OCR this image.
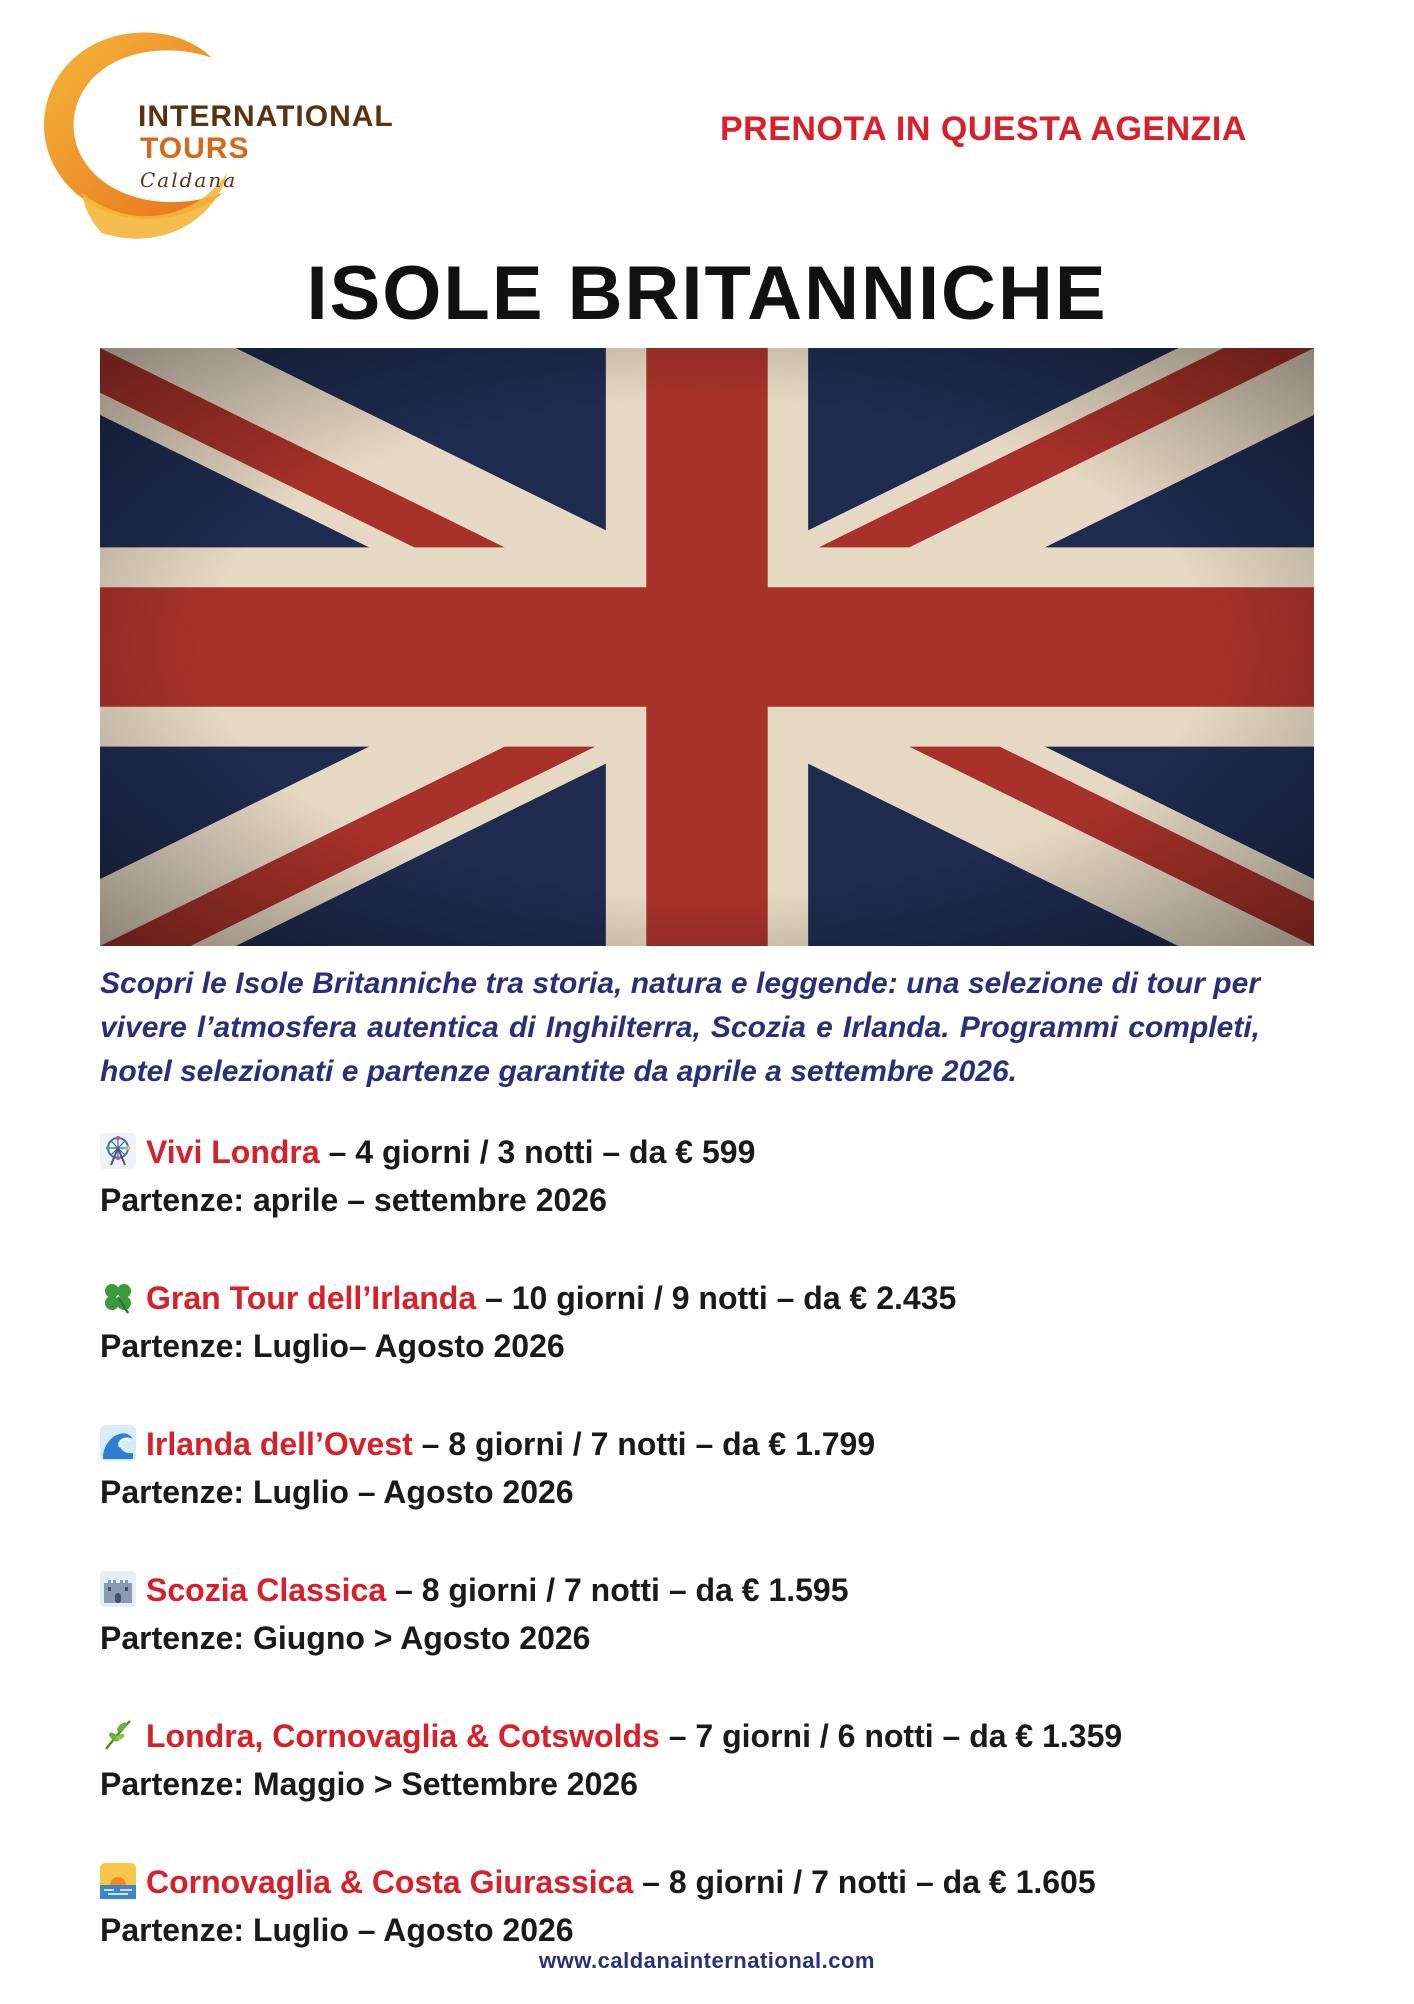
INTERNATIONAL
TOURS
Caldana
PRENOTA IN QUESTA AGENZIA
ISOLE BRITANNICHE
Scopri le Isole Britanniche tra storia, natura e leggende: una selezione di tour per vivere l’atmosfera autentica di Inghilterra, Scozia e Irlanda. Programmi completi, hotel selezionati e partenze garantite da aprile a settembre 2026.
Vivi Londra – 4 giorni / 3 notti – da € 599
Partenze: aprile – settembre 2026
Gran Tour dell’Irlanda – 10 giorni / 9 notti – da € 2.435
Partenze: Luglio– Agosto 2026
Irlanda dell’Ovest – 8 giorni / 7 notti – da € 1.799
Partenze: Luglio – Agosto 2026
Scozia Classica – 8 giorni / 7 notti – da € 1.595
Partenze: Giugno > Agosto 2026
Londra, Cornovaglia & Cotswolds – 7 giorni / 6 notti – da € 1.359
Partenze: Maggio > Settembre 2026
Cornovaglia & Costa Giurassica – 8 giorni / 7 notti – da € 1.605
Partenze: Luglio – Agosto 2026
www.caldanainternational.com
